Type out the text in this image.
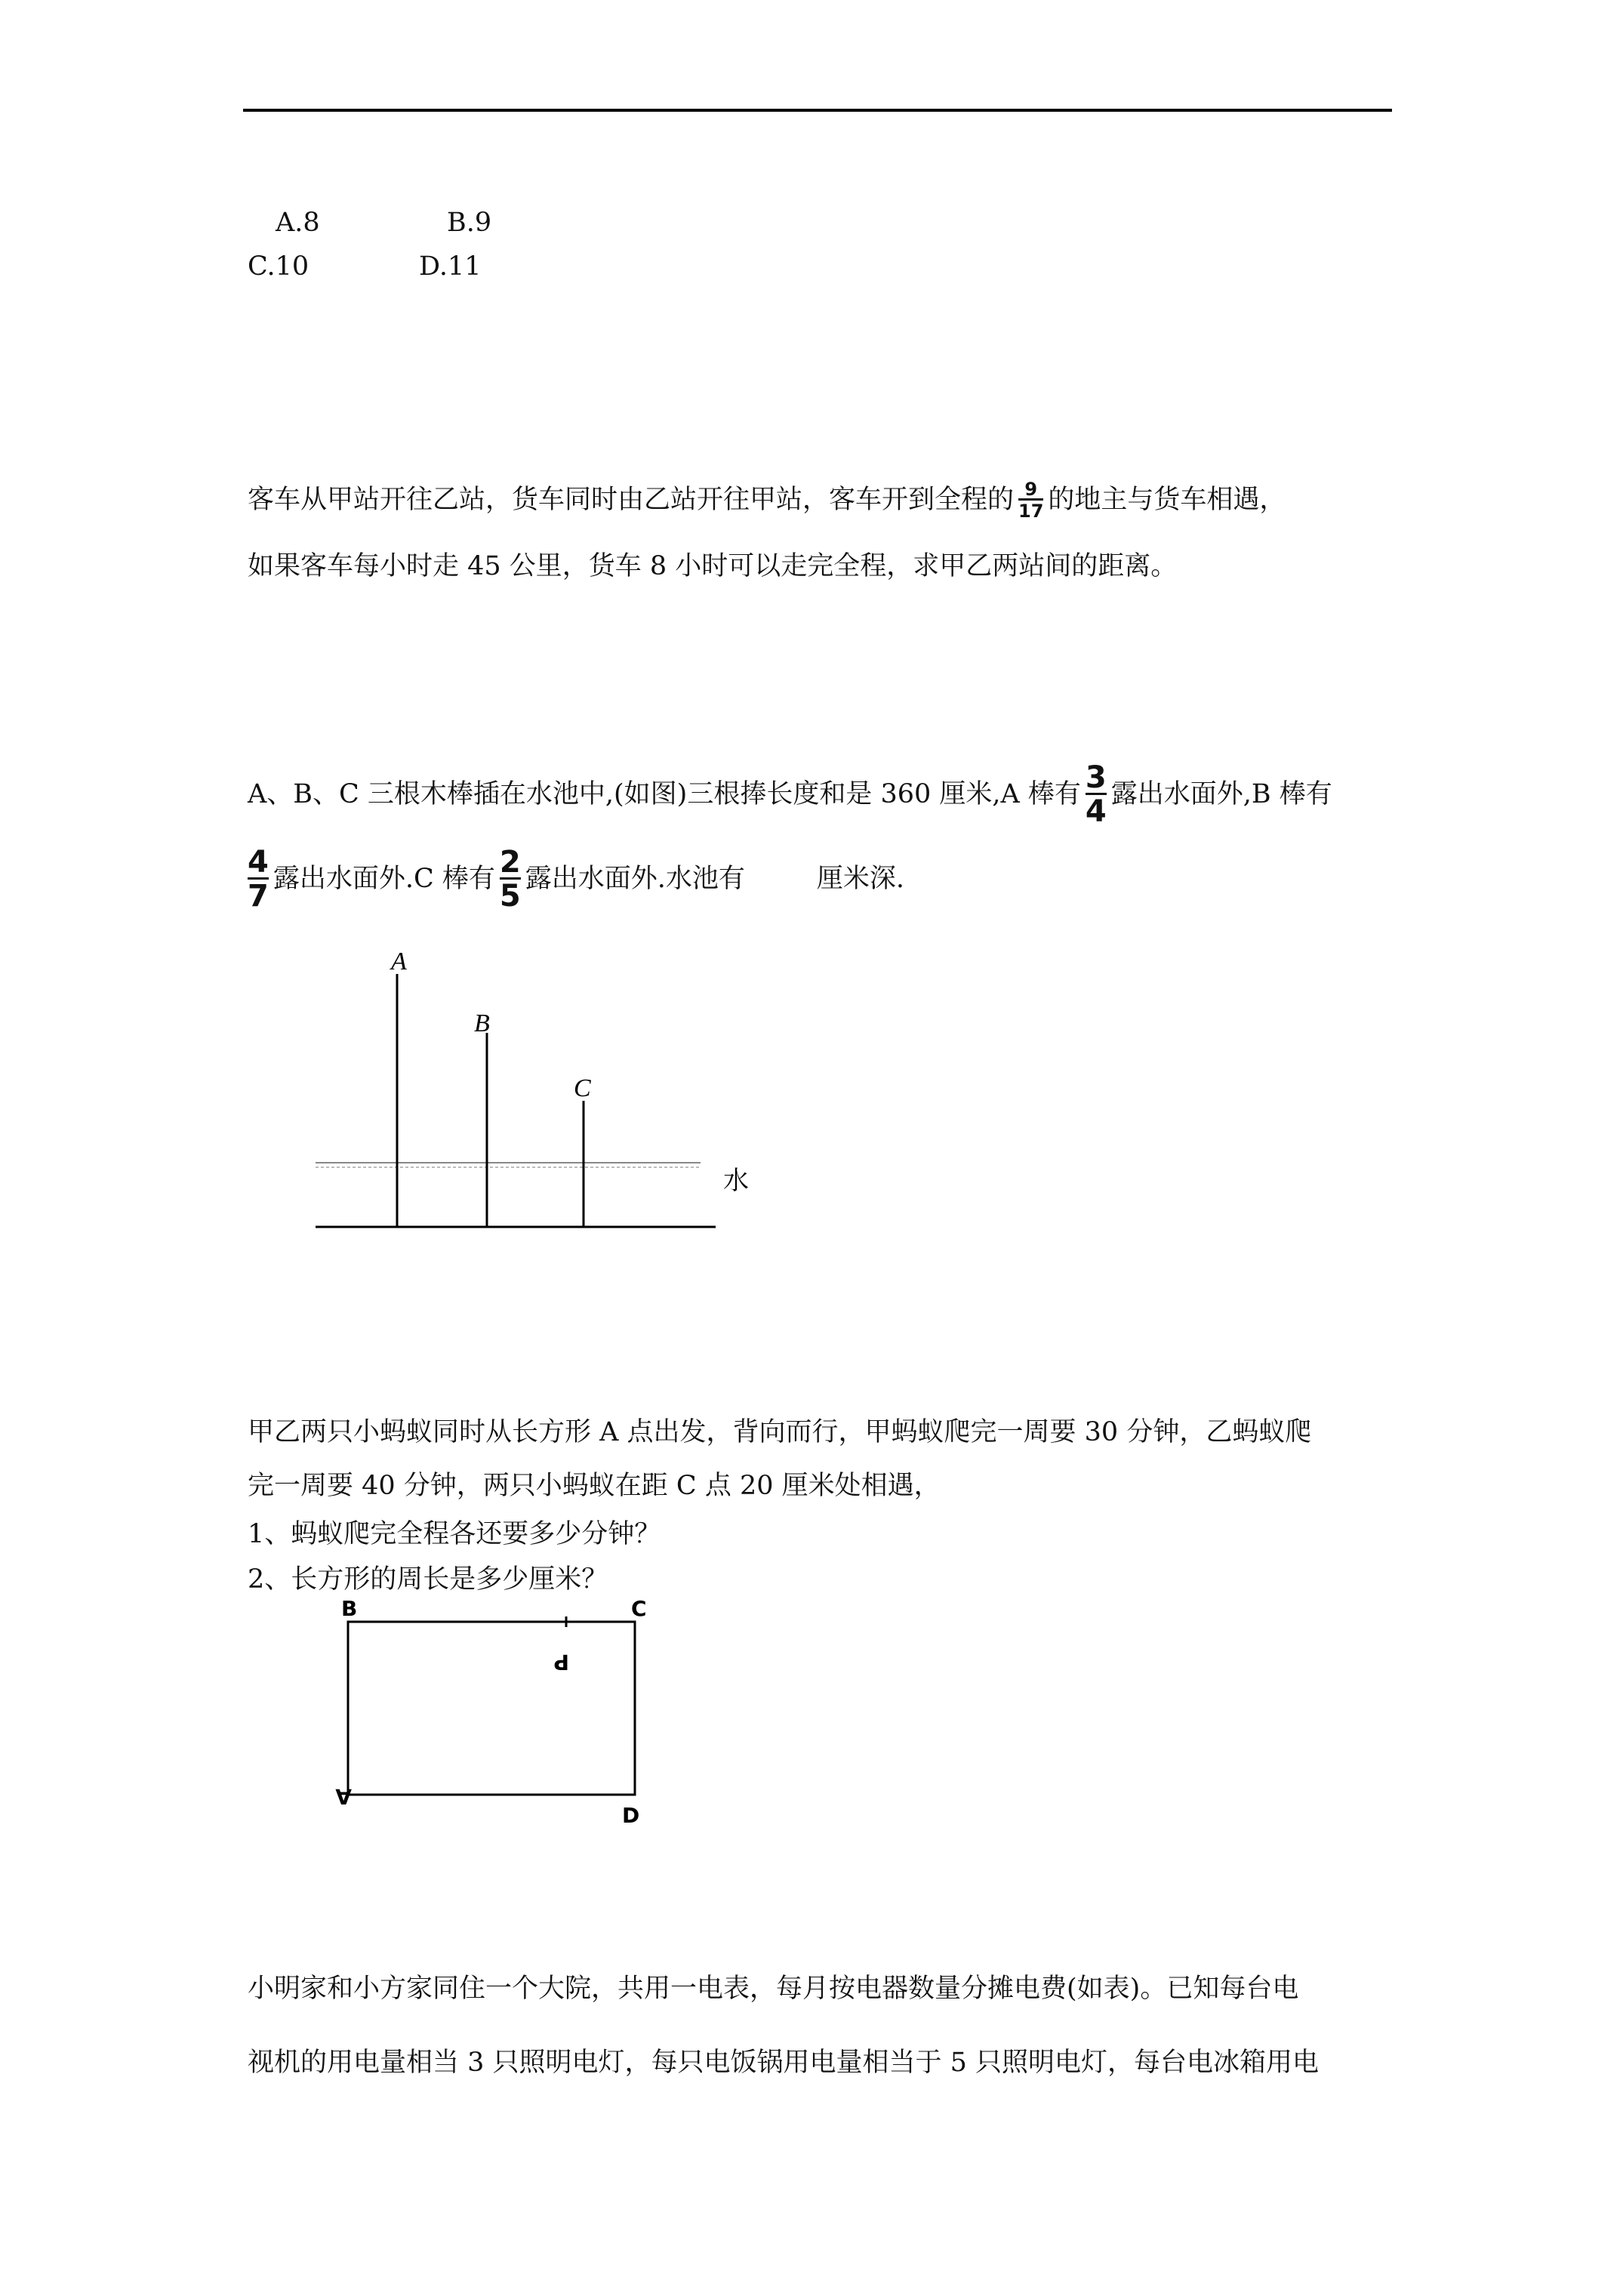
A.8	B.9
C.10	D.11
客车从甲站开往乙站，货车同时由乙站开往甲站，客车开到全程的 $\frac{9}{17}$ 的地主与货车相遇，
如果客车每小时走 45 公里，货车 8 小时可以走完全程，求甲乙两站间的距离。
A、B、C 三根木棒插在水池中,(如图)三根捧长度和是 360 厘米,A 棒有 $\frac{3}{4}$ 露出水面外,B 棒有
$\frac{4}{7}$ 露出水面外.C 棒有 $\frac{2}{5}$ 露出水面外.水池有	厘米深.
A
B
C
水
B	C
P
A
D
甲乙两只小蚂蚁同时从长方形 A 点出发，背向而行，甲蚂蚁爬完一周要 30 分钟，乙蚂蚁爬
完一周要 40 分钟，两只小蚂蚁在距 C 点 20 厘米处相遇，
1、蚂蚁爬完全程各还要多少分钟？
2、长方形的周长是多少厘米？
小明家和小方家同住一个大院，共用一电表，每月按电器数量分摊电费(如表)。已知每台电
视机的用电量相当 3 只照明电灯，每只电饭锅用电量相当于 5 只照明电灯，每台电冰箱用电
